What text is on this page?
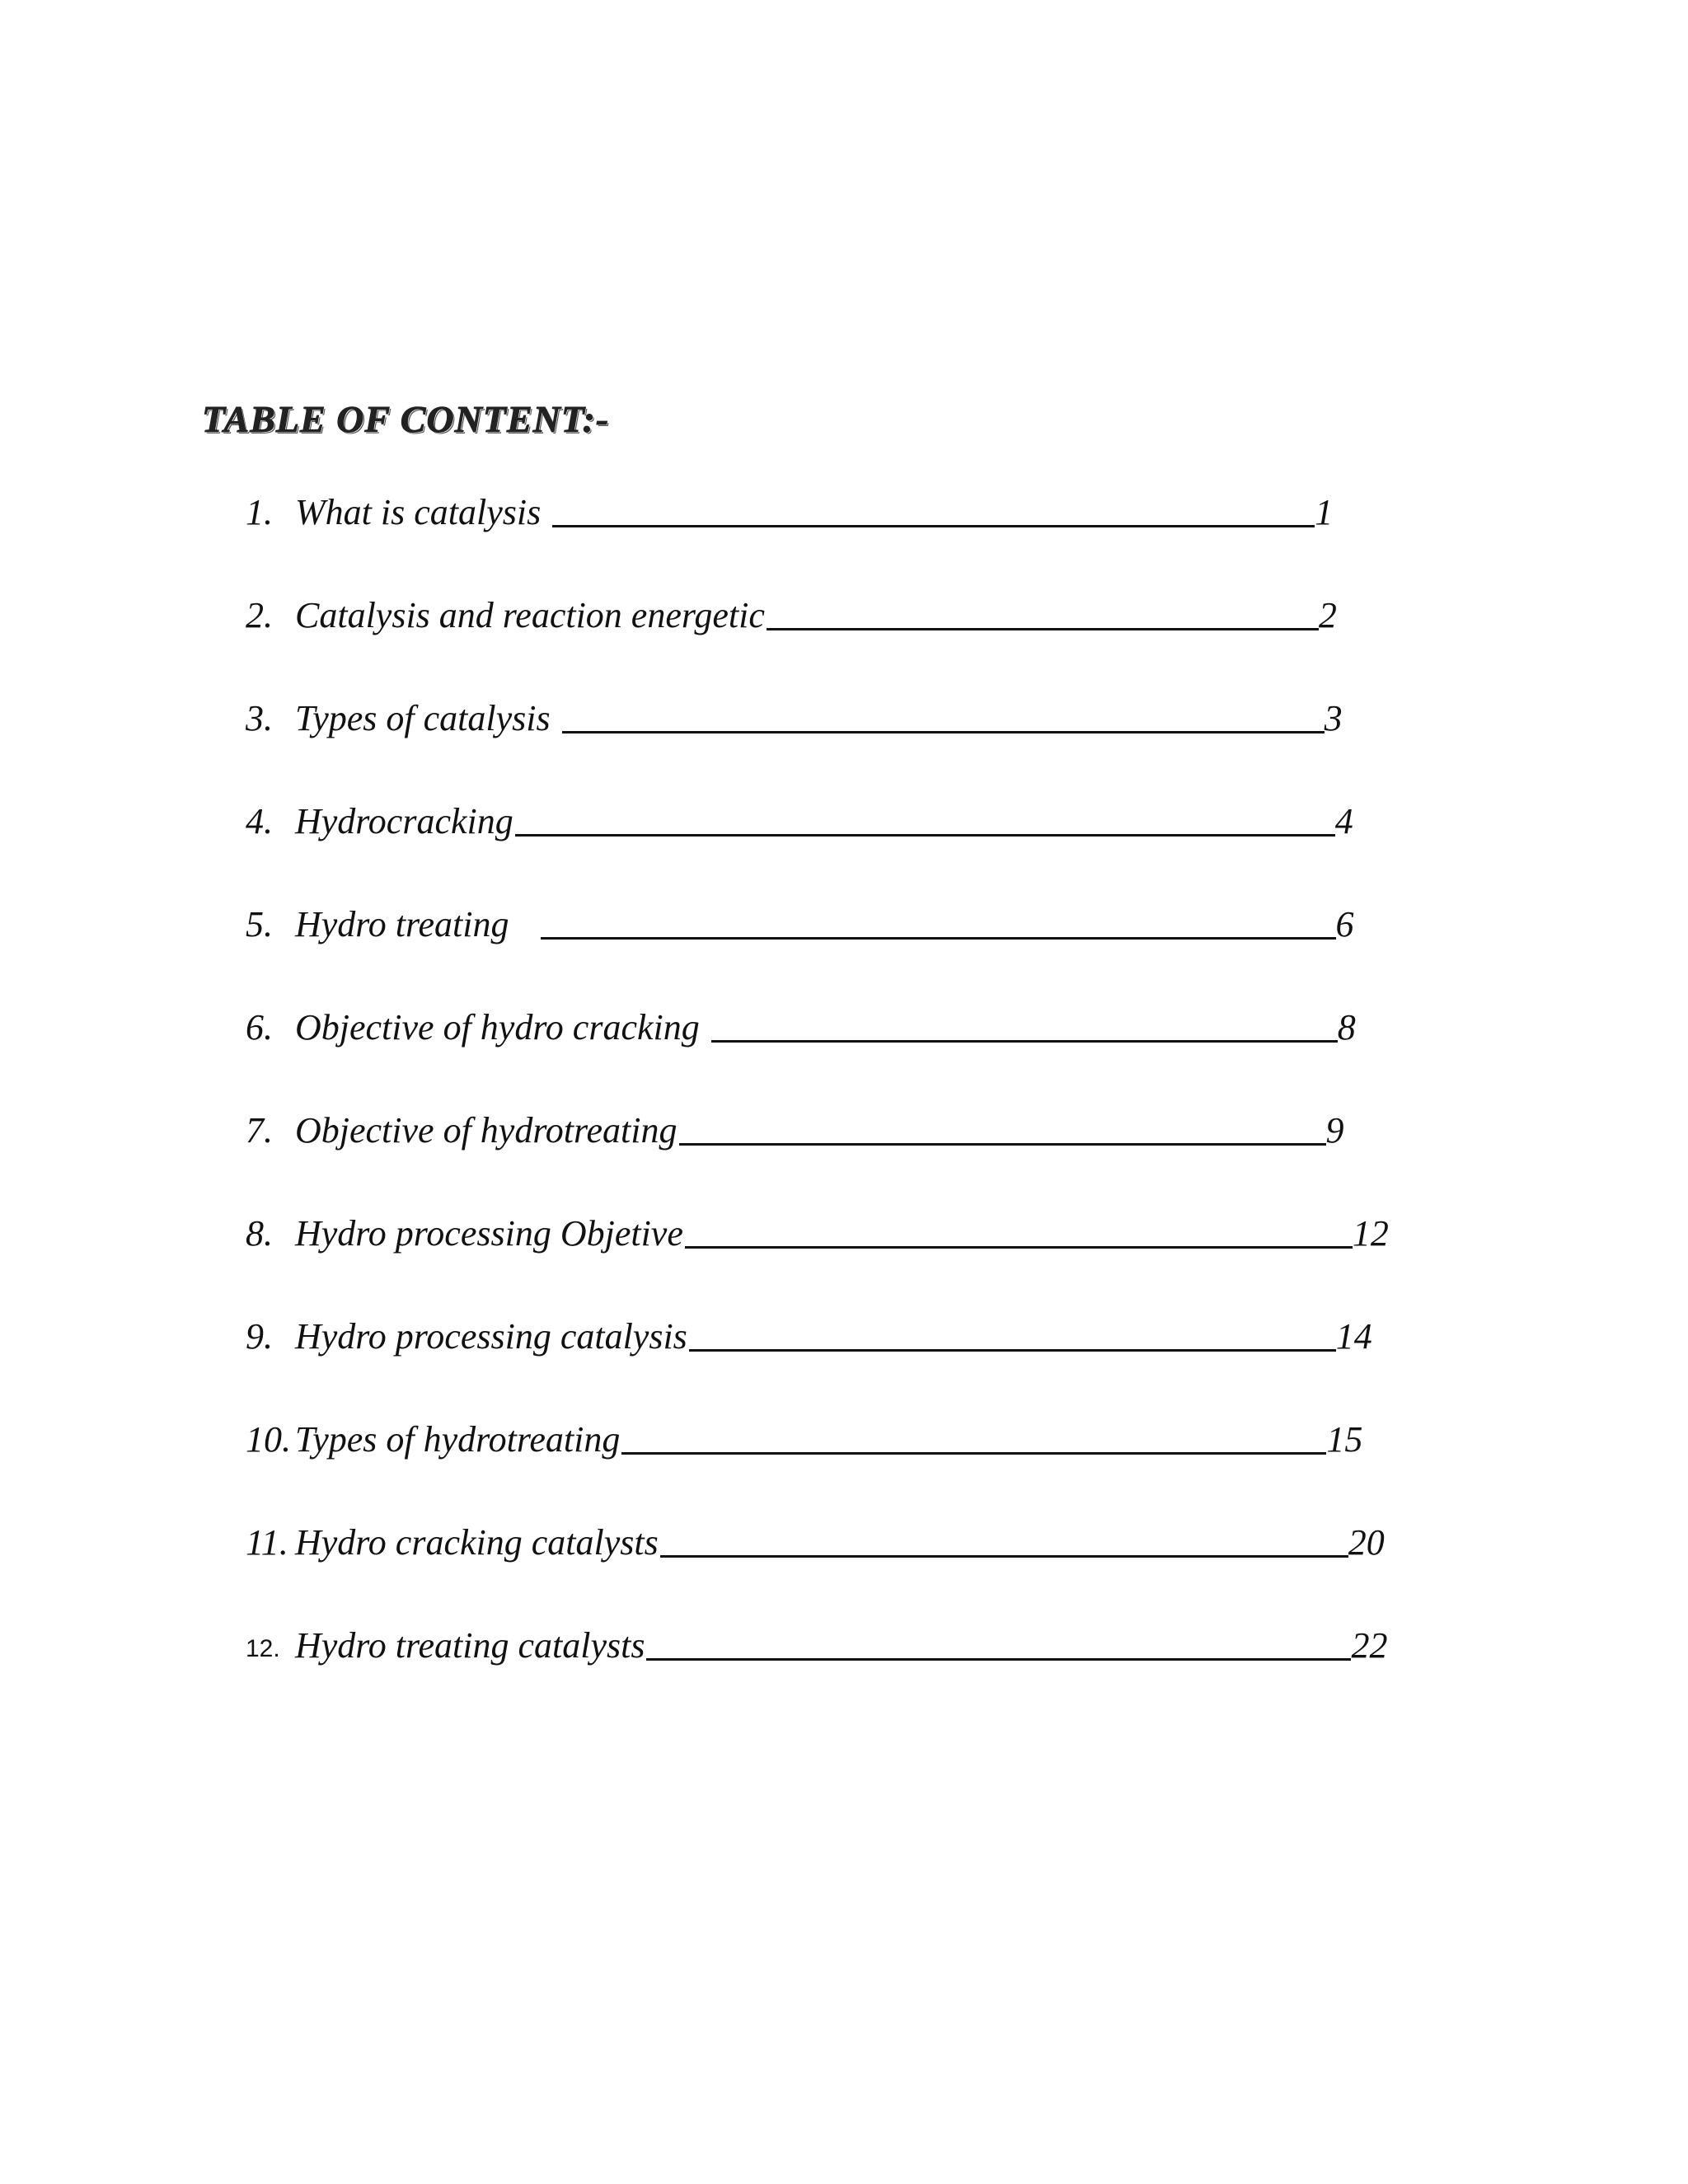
TABLE OF CONTENT:-
1. What is catalysis	1
2. Catalysis and reaction energetic	2
3. Types of catalysis	3
4. Hydrocracking	4
5. Hydro treating	6
6. Objective of hydro cracking	8
7. Objective of hydrotreating	9
8. Hydro processing Objetive	12
9. Hydro processing catalysis	14
10. Types of hydrotreating	15
11. Hydro cracking catalysts	20
12. Hydro treating catalysts	22
